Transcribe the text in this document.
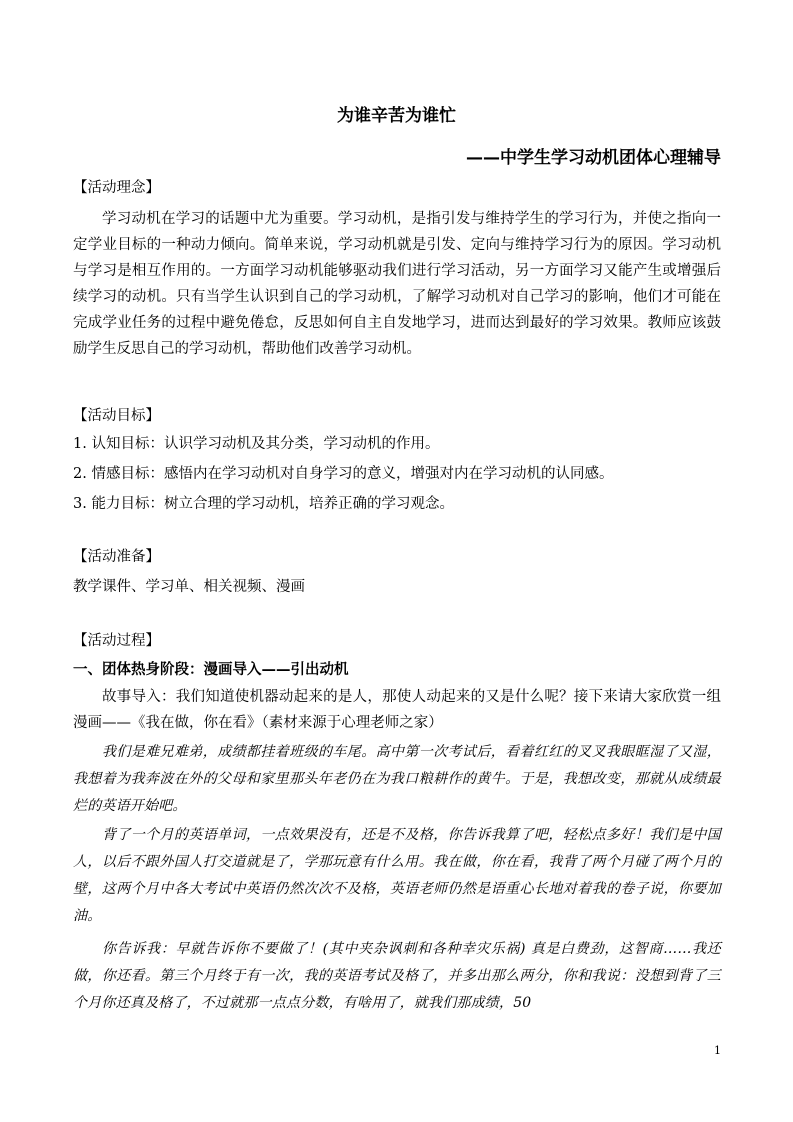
为谁辛苦为谁忙
——中学生学习动机团体心理辅导
【活动理念】
学习动机在学习的话题中尤为重要。学习动机，是指引发与维持学生的学习行为，并使之指向一定学业目标的一种动力倾向。简单来说，学习动机就是引发、定向与维持学习行为的原因。学习动机与学习是相互作用的。一方面学习动机能够驱动我们进行学习活动，另一方面学习又能产生或增强后续学习的动机。只有当学生认识到自己的学习动机，了解学习动机对自己学习的影响，他们才可能在完成学业任务的过程中避免倦怠，反思如何自主自发地学习，进而达到最好的学习效果。教师应该鼓励学生反思自己的学习动机，帮助他们改善学习动机。
【活动目标】
1. 认知目标：认识学习动机及其分类，学习动机的作用。
2. 情感目标：感悟内在学习动机对自身学习的意义，增强对内在学习动机的认同感。
3. 能力目标：树立合理的学习动机，培养正确的学习观念。
【活动准备】
教学课件、学习单、相关视频、漫画
【活动过程】
一、团体热身阶段：漫画导入——引出动机
故事导入：我们知道使机器动起来的是人，那使人动起来的又是什么呢？接下来请大家欣赏一组漫画——《我在做，你在看》（素材来源于心理老师之家）
我们是难兄难弟，成绩都挂着班级的车尾。高中第一次考试后，看着红红的叉叉我眼眶湿了又湿，我想着为我奔波在外的父母和家里那头年老仍在为我口粮耕作的黄牛。于是，我想改变，那就从成绩最烂的英语开始吧。
背了一个月的英语单词，一点效果没有，还是不及格，你告诉我算了吧，轻松点多好！我们是中国人，以后不跟外国人打交道就是了，学那玩意有什么用。我在做，你在看，我背了两个月碰了两个月的壁，这两个月中各大考试中英语仍然次次不及格，英语老师仍然是语重心长地对着我的卷子说，你要加油。
你告诉我：早就告诉你不要做了！(其中夹杂讽刺和各种幸灾乐祸) 真是白费劲，这智商……我还做，你还看。第三个月终于有一次，我的英语考试及格了，并多出那么两分，你和我说：没想到背了三个月你还真及格了，不过就那一点点分数，有啥用了，就我们那成绩，50
1
